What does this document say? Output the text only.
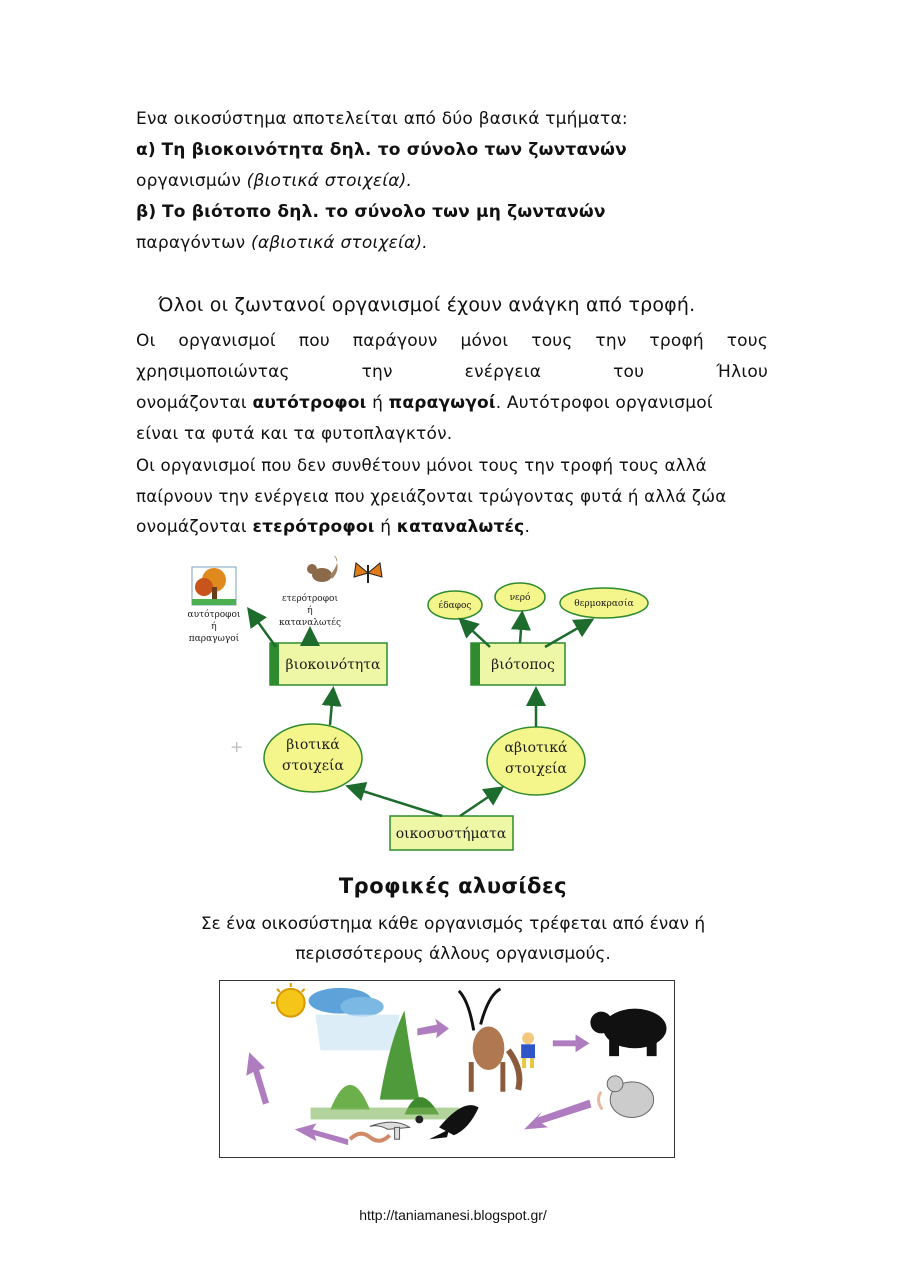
Ενα οικοσύστημα αποτελείται από δύο βασικά τμήματα:
α) Τη βιοκοινότητα δηλ. το σύνολο των ζωντανών
οργανισμών (βιοτικά στοιχεία).
β) Το βιότοπο δηλ. το σύνολο των μη ζωντανών
παραγόντων (αβιοτικά στοιχεία).
Όλοι οι ζωντανοί οργανισμοί έχουν ανάγκη από τροφή.
Οι οργανισμοί που παράγουν μόνοι τους την τροφή τους
χρησιμοποιώντας την ενέργεια του Ήλιου
ονομάζονται αυτότροφοι ή παραγωγοί. Αυτότροφοι οργανισμοί
είναι τα φυτά και τα φυτοπλαγκτόν.
Οι οργανισμοί που δεν συνθέτουν μόνοι τους την τροφή τους αλλά
παίρνουν την ενέργεια που χρειάζονται τρώγοντας φυτά ή αλλά ζώα
ονομάζονται ετερότροφοι ή καταναλωτές.
αυτότροφοι
ή
παραγωγοί
ετερότροφοι
ή
καταναλωτές
έδαφος
νερό
θερμοκρασία
βιοκοινότητα	βιότοπος
βιοτικά
στοιχεία
αβιοτικά
στοιχεία
οικοσυστήματα
+
Τροφικές αλυσίδες
Σε ένα οικοσύστημα κάθε οργανισμός τρέφεται από έναν ή
περισσότερους άλλους οργανισμούς.
http://taniamanesi.blogspot.gr/
